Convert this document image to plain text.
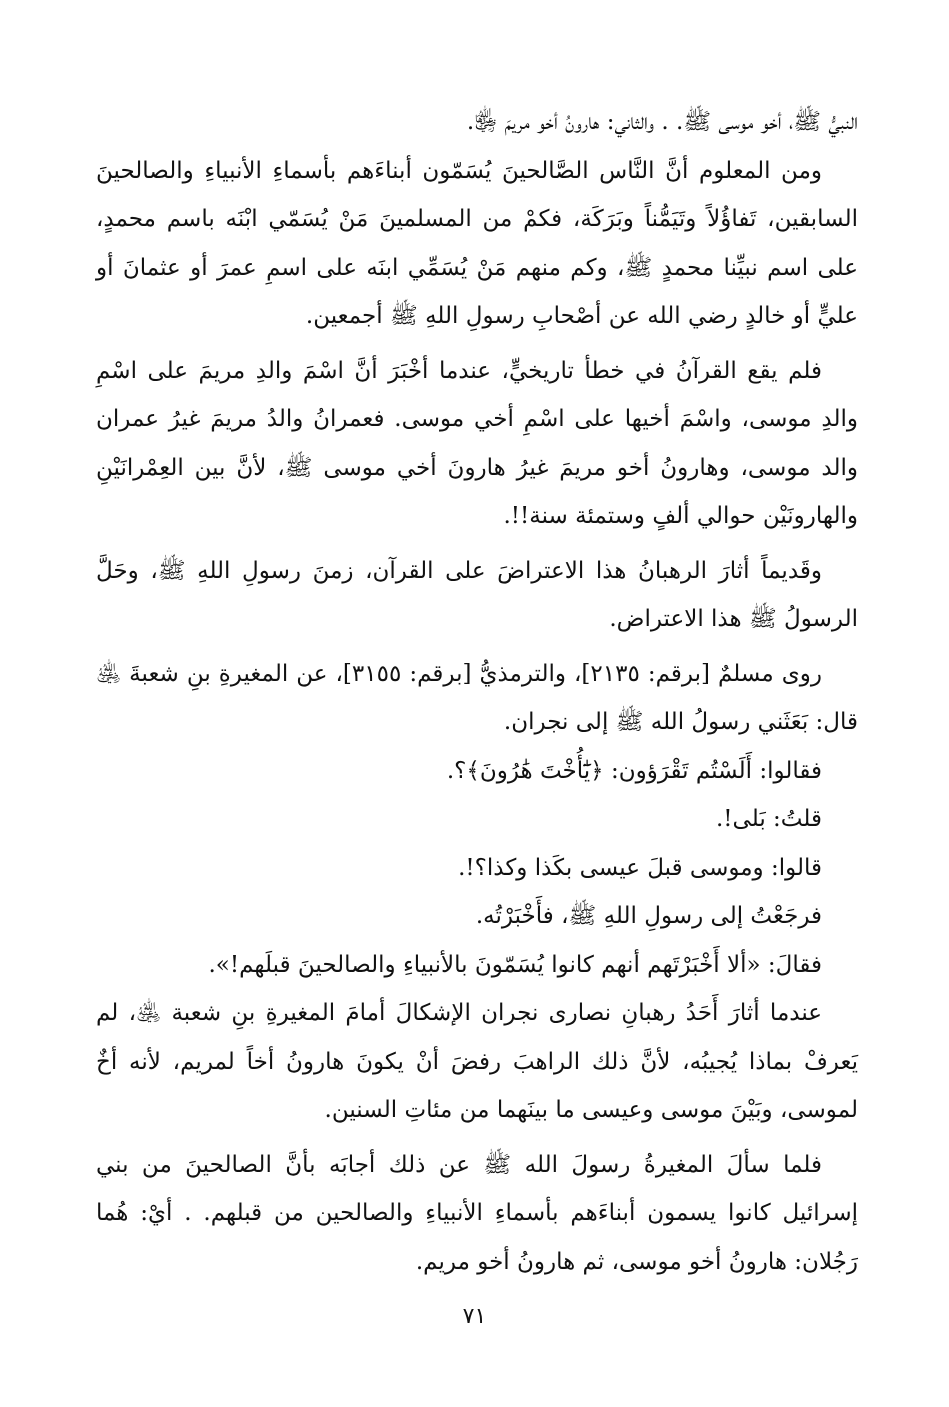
النبيُّ ﷺ، أخو موسى ﷺ. . والثاني: هارونُ أخو مريمَ ﵂.

ومن المعلوم أنَّ النَّاس الصَّالحينَ يُسَمّون أبناءَهم بأسماءِ الأنبياءِ والصالحينَ السابقين، تَفاؤُلاً وتَيَمُّناً وبَرَكَة، فكمْ من المسلمينَ مَنْ يُسَمّي ابْنَه باسم محمدٍ، على اسم نبيِّنا محمدٍ ﷺ، وكم منهم مَنْ يُسَمِّي ابنَه على اسمِ عمرَ أو عثمانَ أو عليٍّ أو خالدٍ رضي الله عن أصْحابِ رسولِ اللهِ ﷺ أجمعين.

فلم يقع القرآنُ في خطأ تاريخيٍّ، عندما أخْبَرَ أنَّ اسْمَ والدِ مريمَ على اسْمِ والدِ موسى، واسْمَ أخيها على اسْمِ أخي موسى. فعمرانُ والدُ مريمَ غيرُ عمران والد موسى، وهارونُ أخو مريمَ غيرُ هارونَ أخي موسى ﷺ، لأنَّ بين العِمْرانَيْنِ والهارونَيْن حوالي ألفٍ وستمئة سنة!!.

وقَديماً أثارَ الرهبانُ هذا الاعتراضَ على القرآن، زمنَ رسولِ اللهِ ﷺ، وحَلَّ الرسولُ ﷺ هذا الاعتراض.

روى مسلمٌ [برقم: ٢١٣٥]، والترمذيُّ [برقم: ٣١٥٥]، عن المغيرةِ بنِ شعبةَ ﵁ قال: بَعَثَني رسولُ الله ﷺ إلى نجران.

فقالوا: أَلَسْتُم تَقْرَؤون: ﴿يَٰٓأُخْتَ هَٰرُونَ﴾؟.

قلتُ: بَلى!.

قالوا: وموسى قبلَ عيسى بكَذا وكذا؟!.

فرجَعْتُ إلى رسولِ اللهِ ﷺ، فأَخْبَرْتُه.

فقالَ: «ألا أَخْبَرْتَهم أنهم كانوا يُسَمّونَ بالأنبياءِ والصالحينَ قبلَهم!».

عندما أثارَ أَحَدُ رهبانِ نصارى نجران الإشكالَ أمامَ المغيرةِ بنِ شعبة ﵁، لم يَعرفْ بماذا يُجيبُه، لأنَّ ذلك الراهبَ رفضَ أنْ يكونَ هارونُ أخاً لمريم، لأنه أخٌ لموسى، وبَيْنَ موسى وعيسى ما بينَهما من مئاتِ السنين.

فلما سألَ المغيرةُ رسولَ الله ﷺ عن ذلك أجابَه بأنَّ الصالحينَ من بني إسرائيل كانوا يسمون أبناءَهم بأسماءِ الأنبياءِ والصالحين من قبلهم. . أيْ: هُما رَجُلان: هارونُ أخو موسى، ثم هارونُ أخو مريم.

٧١
